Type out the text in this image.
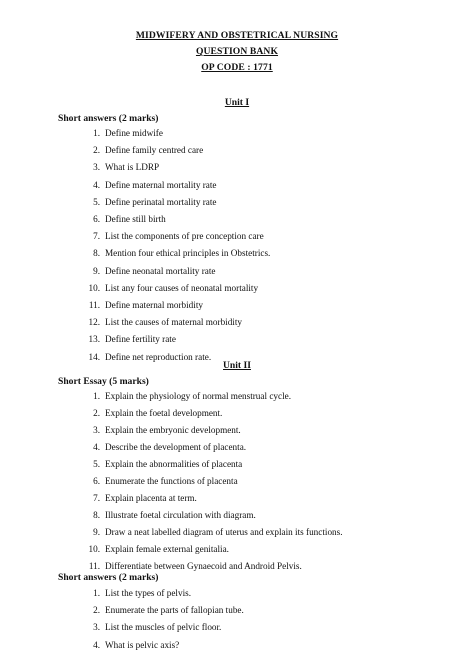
MIDWIFERY AND OBSTETRICAL NURSING
QUESTION BANK
OP CODE : 1771
Unit I
Short answers (2 marks)
1. Define midwife
2. Define family centred care
3. What is LDRP
4. Define maternal mortality rate
5. Define perinatal mortality rate
6. Define still birth
7. List the components of pre conception care
8. Mention four ethical principles in Obstetrics.
9. Define neonatal mortality rate
10. List any four causes of neonatal mortality
11. Define maternal morbidity
12. List the causes of maternal morbidity
13. Define fertility rate
14. Define net reproduction rate.
Unit II
Short Essay (5 marks)
1. Explain the physiology of normal menstrual cycle.
2. Explain the foetal development.
3. Explain the embryonic development.
4. Describe the development of placenta.
5. Explain the abnormalities of placenta
6. Enumerate the functions of placenta
7. Explain placenta at term.
8. Illustrate foetal circulation with diagram.
9. Draw a neat labelled diagram of uterus and explain its functions.
10. Explain female external genitalia.
11. Differentiate between Gynaecoid and Android Pelvis.
Short answers (2 marks)
1. List the types of pelvis.
2. Enumerate the parts of fallopian tube.
3. List the muscles of pelvic floor.
4. What is pelvic axis?
